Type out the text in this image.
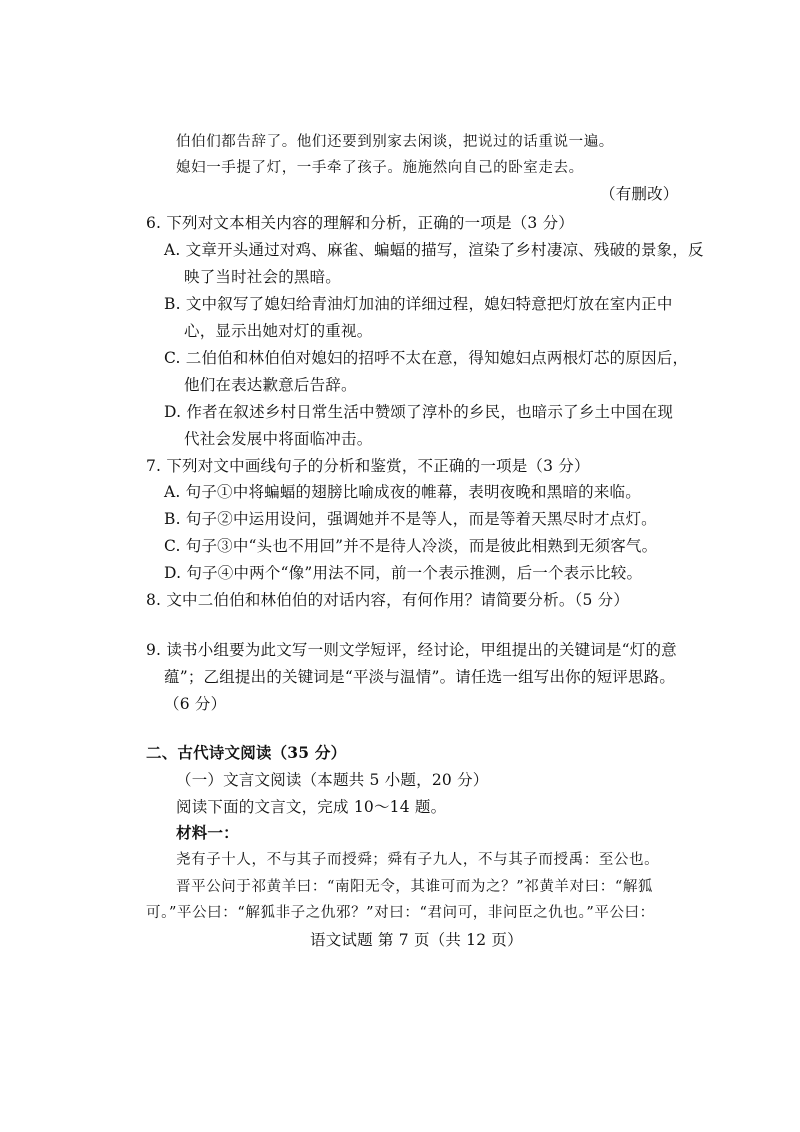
伯伯们都告辞了。他们还要到别家去闲谈，把说过的话重说一遍。
媳妇一手提了灯，一手牵了孩子。施施然向自己的卧室走去。
（有删改）
6. 下列对文本相关内容的理解和分析，正确的一项是（3 分）
A. 文章开头通过对鸡、麻雀、蝙蝠的描写，渲染了乡村凄凉、残破的景象，反
映了当时社会的黑暗。
B. 文中叙写了媳妇给青油灯加油的详细过程，媳妇特意把灯放在室内正中
心，显示出她对灯的重视。
C. 二伯伯和林伯伯对媳妇的招呼不太在意，得知媳妇点两根灯芯的原因后，
他们在表达歉意后告辞。
D. 作者在叙述乡村日常生活中赞颂了淳朴的乡民，也暗示了乡土中国在现
代社会发展中将面临冲击。
7. 下列对文中画线句子的分析和鉴赏，不正确的一项是（3 分）
A. 句子①中将蝙蝠的翅膀比喻成夜的帷幕，表明夜晚和黑暗的来临。
B. 句子②中运用设问，强调她并不是等人，而是等着天黑尽时才点灯。
C. 句子③中“头也不用回”并不是待人冷淡，而是彼此相熟到无须客气。
D. 句子④中两个“像”用法不同，前一个表示推测，后一个表示比较。
8. 文中二伯伯和林伯伯的对话内容，有何作用？请简要分析。（5 分）
9. 读书小组要为此文写一则文学短评，经讨论，甲组提出的关键词是“灯的意
蕴”；乙组提出的关键词是“平淡与温情”。请任选一组写出你的短评思路。
（6 分）
二、古代诗文阅读（35 分）
（一）文言文阅读（本题共 5 小题，20 分）
阅读下面的文言文，完成 10～14 题。
材料一：
尧有子十人，不与其子而授舜；舜有子九人，不与其子而授禹：至公也。
晋平公问于祁黄羊曰：“南阳无令，其谁可而为之？”祁黄羊对曰：“解狐
可。”平公曰：“解狐非子之仇邪？”对曰：“君问可，非问臣之仇也。”平公曰：
语文试题 第 7 页（共 12 页）
